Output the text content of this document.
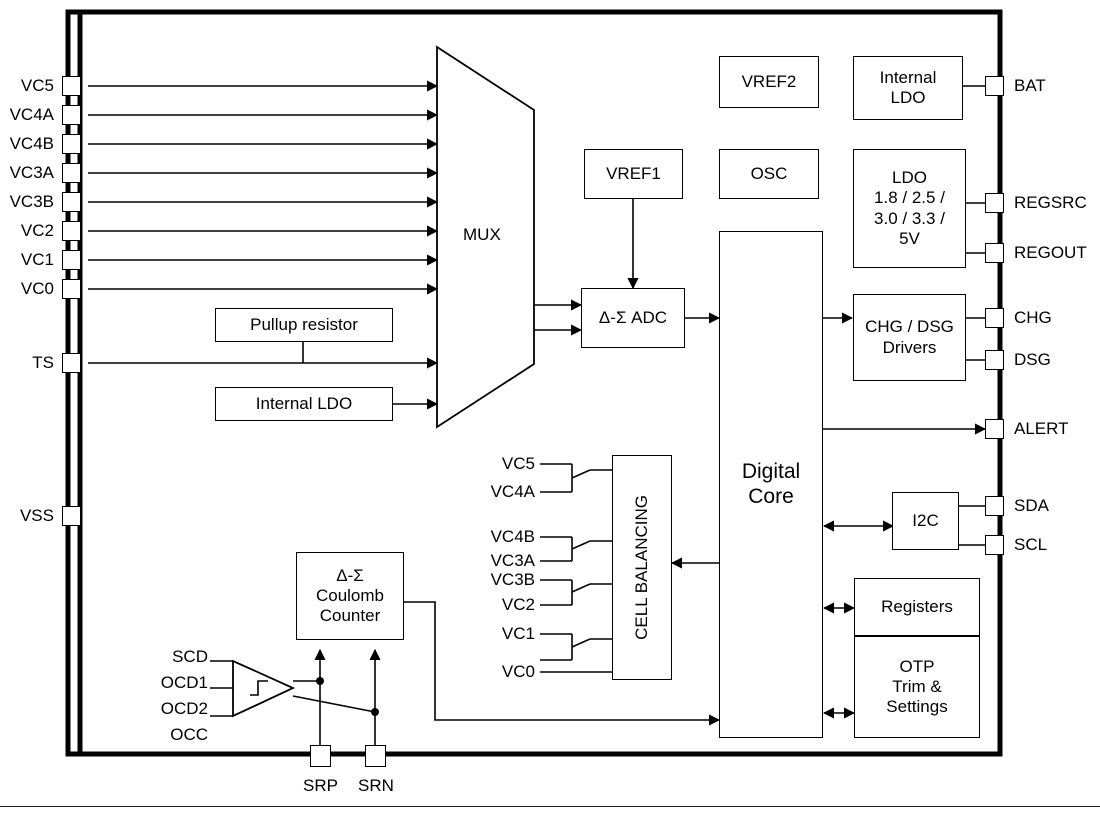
VC5
VC4A
VC4B
VC3A
VC3B
VC2
VC1
VC0
TS
VSS
BAT
REGSRC
REGOUT
CHG
DSG
ALERT
SDA
SCL
SRP SRN
MUX
Pullup resistor
Internal LDO
VREF1
VREF2
OSC
Internal
LDO
Δ-Σ ADC
LDO
1.8 / 2.5 /
3.0 / 3.3 /
5V
CHG / DSG
Drivers
Digital
Core
I2C
Registers
OTP
Trim &
Settings
CELL BALANCING
Δ-Σ
Coulomb
Counter
VC5
VC4A
VC4B
VC3A
VC3B
VC2
VC1
VC0
SCD
OCD1
OCD2
OCC
